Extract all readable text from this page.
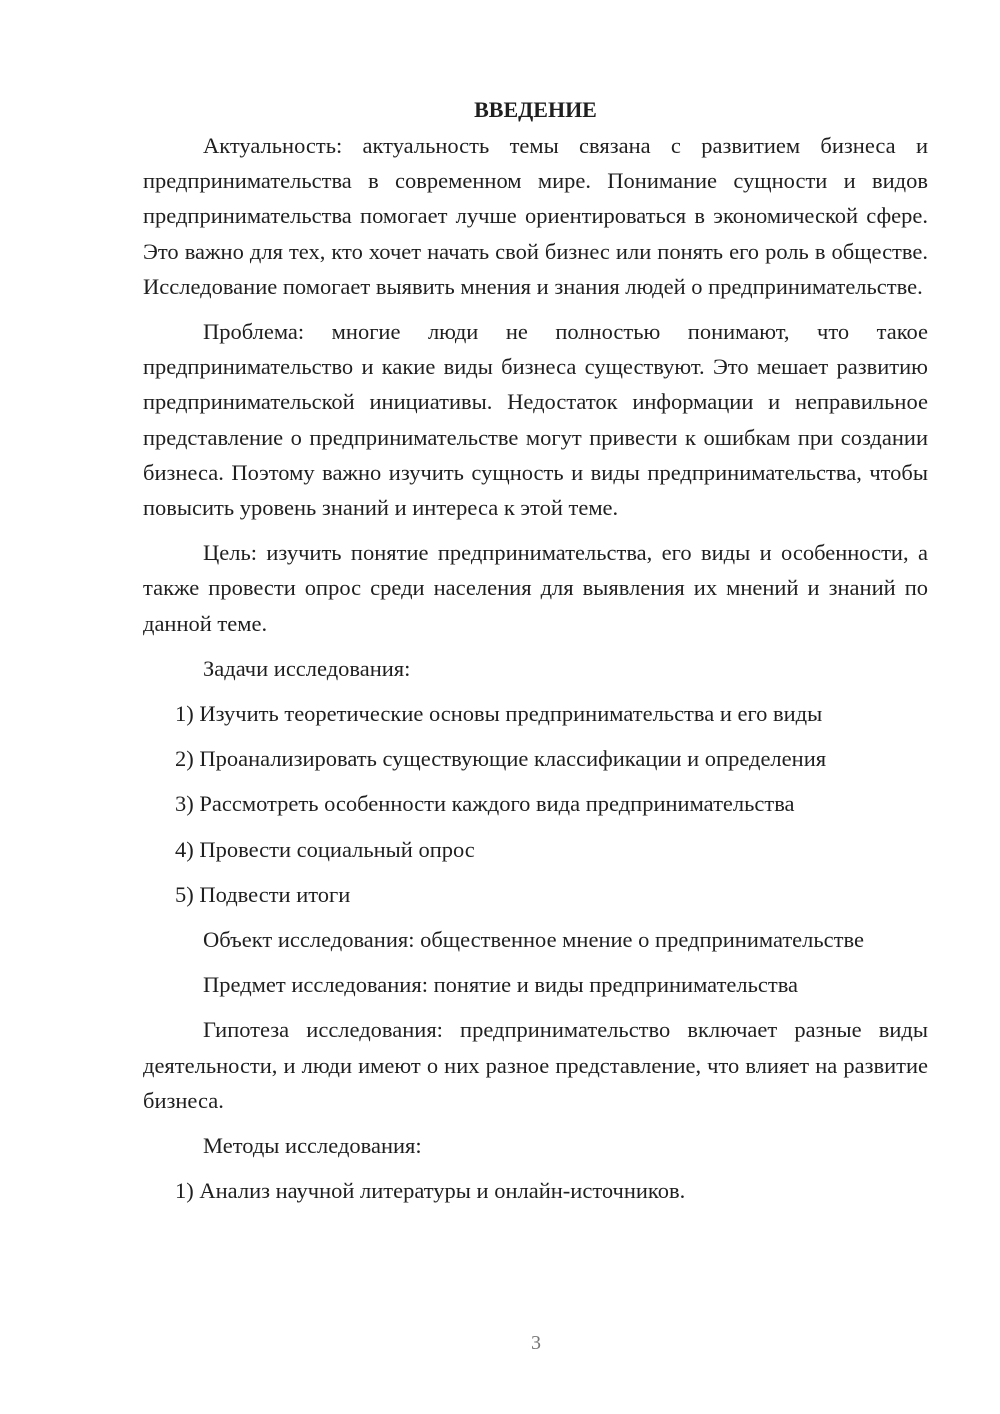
ВВЕДЕНИЕ

Актуальность: актуальность темы связана с развитием бизнеса и предпринимательства в современном мире. Понимание сущности и видов предпринимательства помогает лучше ориентироваться в экономической сфере. Это важно для тех, кто хочет начать свой бизнес или понять его роль в обществе. Исследование помогает выявить мнения и знания людей о предпринимательстве.

Проблема: многие люди не полностью понимают, что такое предпринимательство и какие виды бизнеса существуют. Это мешает развитию предпринимательской инициативы. Недостаток информации и неправильное представление о предпринимательстве могут привести к ошибкам при создании бизнеса. Поэтому важно изучить сущность и виды предпринимательства, чтобы повысить уровень знаний и интереса к этой теме.

Цель: изучить понятие предпринимательства, его виды и особенности, а также провести опрос среди населения для выявления их мнений и знаний по данной теме.

Задачи исследования:

1) Изучить теоретические основы предпринимательства и его виды
2) Проанализировать существующие классификации и определения
3) Рассмотреть особенности каждого вида предпринимательства
4) Провести социальный опрос
5) Подвести итоги

Объект исследования: общественное мнение о предпринимательстве

Предмет исследования: понятие и виды предпринимательства

Гипотеза исследования: предпринимательство включает разные виды деятельности, и люди имеют о них разное представление, что влияет на развитие бизнеса.

Методы исследования:

1) Анализ научной литературы и онлайн-источников.
3
